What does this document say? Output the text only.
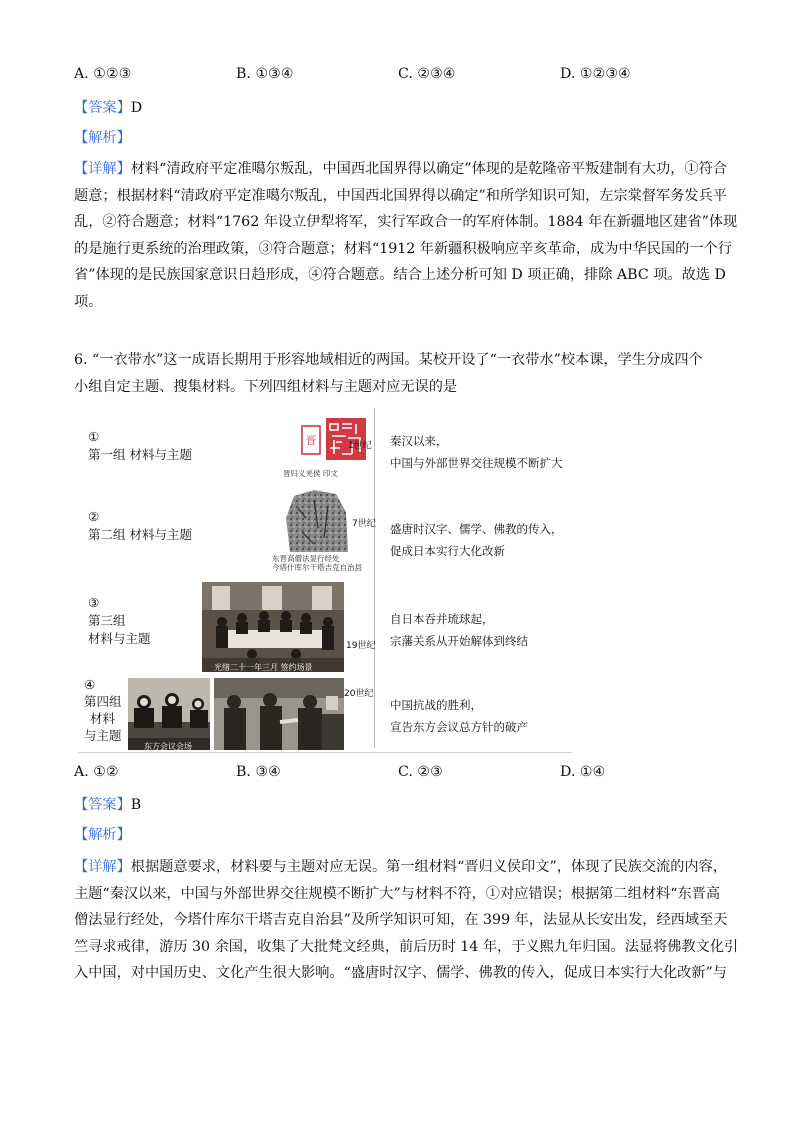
A. ①②③	B. ①③④	C. ②③④	D. ①②③④
【答案】D
【解析】
【详解】材料“清政府平定准噶尔叛乱，中国西北国界得以确定”体现的是乾隆帝平叛建制有大功，①符合
题意；根据材料“清政府平定准噶尔叛乱，中国西北国界得以确定”和所学知识可知，左宗棠督军务发兵平
乱，②符合题意；材料“1762 年设立伊犁将军，实行军政合一的军府体制。1884 年在新疆地区建省”体现
的是施行更系统的治理政策，③符合题意；材料“1912 年新疆积极响应辛亥革命，成为中华民国的一个行
省”体现的是民族国家意识日趋形成，④符合题意。结合上述分析可知 D 项正确，排除 ABC 项。故选 D
项。
6. “一衣带水”这一成语长期用于形容地域相近的两国。某校开设了“一衣带水”校本课，学生分成四个
小组自定主题、搜集材料。下列四组材料与主题对应无误的是
①
第一组 材料与主题
晋
晋归义羌侯 印文
1世纪 秦汉以来，
中国与外部世界交往规模不断扩大
②
第二组 材料与主题
东晋高僧法显行经处
今塔什库尔干塔吉克自治县
7世纪 盛唐时汉字、儒学、佛教的传入，
促成日本实行大化改新
③
第三组
材料与主题
光绪二十一年三月 签约场景
19世纪
自日本吞并琉球起，
宗藩关系从开始解体到终结
④
第四组
材料
与主题
东方会议会场
20世纪
中国抗战的胜利，
宣告东方会议总方针的破产
A. ①②	B. ③④	C. ②③	D. ①④
【答案】B
【解析】
【详解】根据题意要求，材料要与主题对应无误。第一组材料“晋归义侯印文”，体现了民族交流的内容，
主题“秦汉以来，中国与外部世界交往规模不断扩大”与材料不符，①对应错误；根据第二组材料“东晋高
僧法显行经处，今塔什库尔干塔吉克自治县”及所学知识可知，在 399 年，法显从长安出发，经西域至天
竺寻求戒律，游历 30 余国，收集了大批梵文经典，前后历时 14 年，于义熙九年归国。法显将佛教文化引
入中国，对中国历史、文化产生很大影响。“盛唐时汉字、儒学、佛教的传入，促成日本实行大化改新”与
